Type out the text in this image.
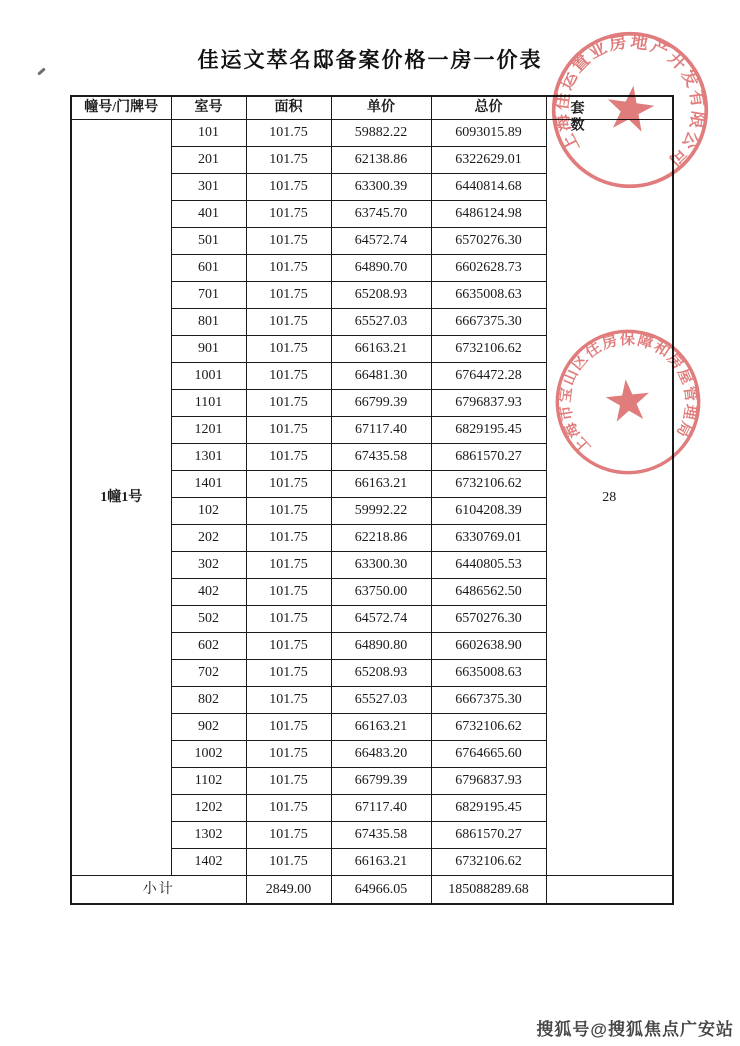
佳运文萃名邸备案价格一房一价表
幢号/门牌号	室号	面积	单价	总价	套数

1幢1号	101	101.75	59882.22	6093015.89	28
	201	101.75	62138.86	6322629.01	
	301	101.75	63300.39	6440814.68	
	401	101.75	63745.70	6486124.98	
	501	101.75	64572.74	6570276.30	
	601	101.75	64890.70	6602628.73	
	701	101.75	65208.93	6635008.63	
	801	101.75	65527.03	6667375.30	
	901	101.75	66163.21	6732106.62	
	1001	101.75	66481.30	6764472.28	
	1101	101.75	66799.39	6796837.93	
	1201	101.75	67117.40	6829195.45	
	1301	101.75	67435.58	6861570.27	
	1401	101.75	66163.21	6732106.62	
	102	101.75	59992.22	6104208.39	
	202	101.75	62218.86	6330769.01	
	302	101.75	63300.30	6440805.53	
	402	101.75	63750.00	6486562.50	
	502	101.75	64572.74	6570276.30	
	602	101.75	64890.80	6602638.90	
	702	101.75	65208.93	6635008.63	
	802	101.75	65527.03	6667375.30	
	902	101.75	66163.21	6732106.62	
	1002	101.75	66483.20	6764665.60	
	1102	101.75	66799.39	6796837.93	
	1202	101.75	67117.40	6829195.45	
	1302	101.75	67435.58	6861570.27	
	1402	101.75	66163.21	6732106.62	
小计		2849.00	64966.05	185088289.68	
上海佳运置业房地产开发有限公司
上海市宝山区住房保障和房屋管理局
搜狐号@搜狐焦点广安站
